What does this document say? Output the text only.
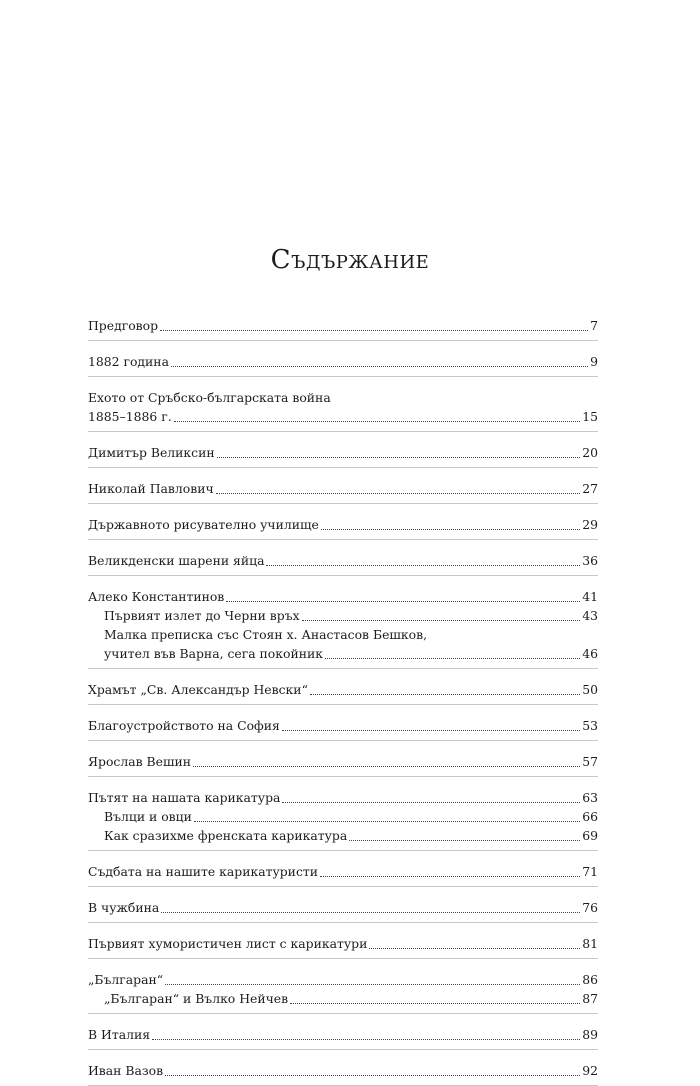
Съдържание
Предговор	7
1882 година	9
Ехото от Сръбско-българската война
1885–1886 г.	15
Димитър Великсин	20
Николай Павлович	27
Държавното рисувателно училище	29
Великденски шарени яйца	36
Алеко Константинов	41
Първият излет до Черни връх	43
Малка преписка със Стоян х. Анастасов Бешков,
учител във Варна, сега покойник	46
Храмът „Св. Александър Невски“	50
Благоустройството на София	53
Ярослав Вешин	57
Пътят на нашата карикатура	63
Вълци и овци	66
Как сразихме френската карикатура	69
Съдбата на нашите карикатуристи	71
В чужбина	76
Първият хумористичен лист с карикатури	81
„Българан“	86
„Българан“ и Вълко Нейчев	87
В Италия	89
Иван Вазов	92
